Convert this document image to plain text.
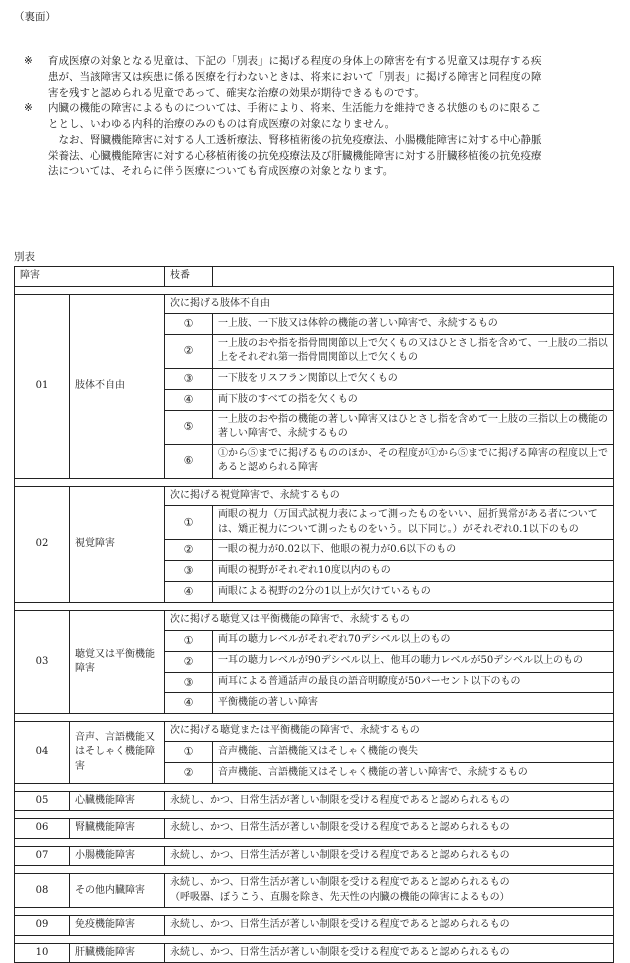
（裏面）
※	育成医療の対象となる児童は、下記の「別表」に掲げる程度の身体上の障害を有する児童又は現存する疾患が、当該障害又は疾患に係る医療を行わないときは、将来において「別表」に掲げる障害と同程度の障害を残すと認められる児童であって、確実な治療の効果が期待できるものです。

※	内臓の機能の障害によるものについては、手術により、将来、生活能力を維持できる状態のものに限ることとし、いわゆる内科的治療のみのものは育成医療の対象になりません。

なお、腎臓機能障害に対する人工透析療法、腎移植術後の抗免疫療法、小腸機能障害に対する中心静脈栄養法、心臓機能障害に対する心移植術後の抗免疫療法及び肝臓機能障害に対する肝臓移植後の抗免疫療法については、それらに伴う医療についても育成医療の対象となります。

別表
障害		枝番	

01	肢体不自由	次に掲げる肢体不自由	
		①	一上肢、一下肢又は体幹の機能の著しい障害で、永続するもの
		②	一上肢のおや指を指骨間関節以上で欠くもの又はひとさし指を含めて、一上肢の二指以上をそれぞれ第一指骨間関節以上で欠くもの
		③	一下肢をリスフラン関節以上で欠くもの
		④	両下肢のすべての指を欠くもの
		⑤	一上肢のおや指の機能の著しい障害又はひとさし指を含めて一上肢の三指以上の機能の著しい障害で、永続するもの
		⑥	①から⑤までに掲げるもののほか、その程度が①から⑤までに掲げる障害の程度以上であると認められる障害

02	視覚障害	次に掲げる視覚障害で、永続するもの	
		①	両眼の視力（万国式試視力表によって測ったものをいい、屈折異常がある者については、矯正視力について測ったものをいう。以下同じ。）がそれぞれ0.1以下のもの
		②	一眼の視力が0.02以下、他眼の視力が0.6以下のもの
		③	両眼の視野がそれぞれ10度以内のもの
		④	両眼による視野の2分の1以上が欠けているもの

03	聴覚又は平衡機能障害	次に掲げる聴覚又は平衡機能の障害で、永続するもの	
		①	両耳の聴力レベルがそれぞれ70デシベル以上のもの
		②	一耳の聴力レベルが90デシベル以上、他耳の聴力レベルが50デシベル以上のもの
		③	両耳による普通話声の最良の語音明瞭度が50パーセント以下のもの
		④	平衡機能の著しい障害

04	音声、言語機能又はそしゃく機能障害	次に掲げる聴覚または平衡機能の障害で、永続するもの	
		①	音声機能、言語機能又はそしゃく機能の喪失
		②	音声機能、言語機能又はそしゃく機能の著しい障害で、永続するもの

05	心臓機能障害	永続し、かつ、日常生活が著しい制限を受ける程度であると認められるもの	

06	腎臓機能障害	永続し、かつ、日常生活が著しい制限を受ける程度であると認められるもの	

07	小腸機能障害	永続し、かつ、日常生活が著しい制限を受ける程度であると認められるもの	

08	その他内臓障害	永続し、かつ、日常生活が著しい制限を受ける程度であると認められるもの
（呼吸器、ぼうこう、直腸を除き、先天性の内臓の機能の障害によるもの）	

09	免疫機能障害	永続し、かつ、日常生活が著しい制限を受ける程度であると認められるもの	

10	肝臓機能障害	永続し、かつ、日常生活が著しい制限を受ける程度であると認められるもの	
